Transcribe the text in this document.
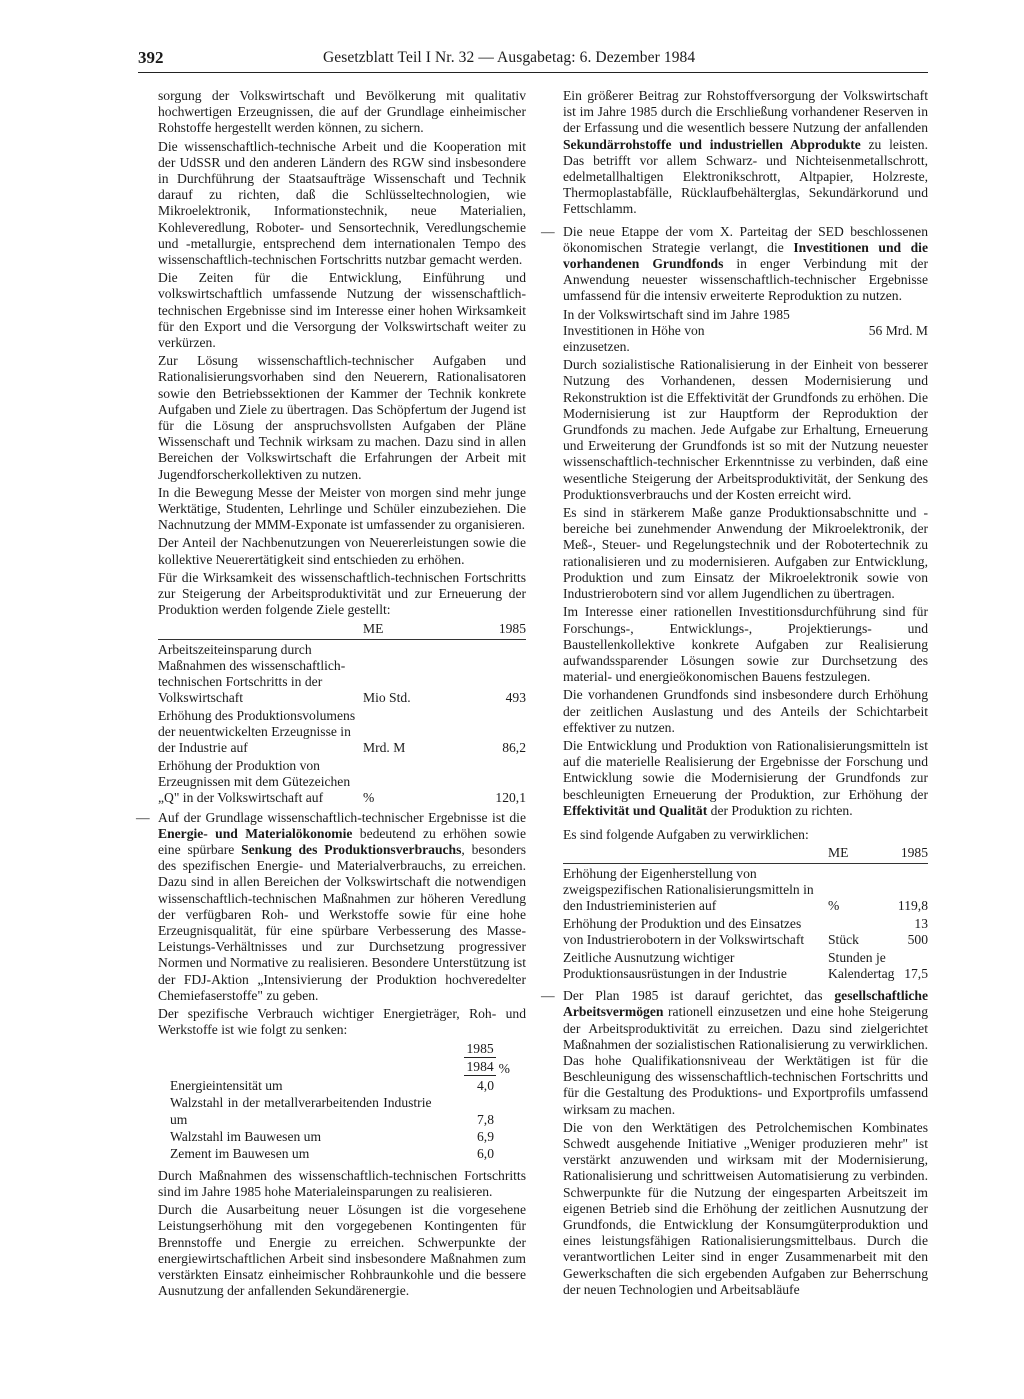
392	Gesetzblatt Teil I Nr. 32 — Ausgabetag: 6. Dezember 1984

sorgung der Volkswirtschaft und Bevölkerung mit qualitativ hochwertigen Erzeugnissen, die auf der Grundlage einheimischer Rohstoffe hergestellt werden können, zu sichern.

Die wissenschaftlich-technische Arbeit und die Kooperation mit der UdSSR und den anderen Ländern des RGW sind insbesondere in Durchführung der Staatsaufträge Wissenschaft und Technik darauf zu richten, daß die Schlüsseltechnologien, wie Mikroelektronik, Informationstechnik, neue Materialien, Kohleveredlung, Roboter- und Sensortechnik, Veredlungschemie und -metallurgie, entsprechend dem internationalen Tempo des wissenschaftlich-technischen Fortschritts nutzbar gemacht werden.

Die Zeiten für die Entwicklung, Einführung und volkswirtschaftlich umfassende Nutzung der wissenschaftlich-technischen Ergebnisse sind im Interesse einer hohen Wirksamkeit für den Export und die Versorgung der Volkswirtschaft weiter zu verkürzen.

Zur Lösung wissenschaftlich-technischer Aufgaben und Rationalisierungsvorhaben sind den Neuerern, Rationalisatoren sowie den Betriebssektionen der Kammer der Technik konkrete Aufgaben und Ziele zu übertragen. Das Schöpfertum der Jugend ist für die Lösung der anspruchsvollsten Aufgaben der Pläne Wissenschaft und Technik wirksam zu machen. Dazu sind in allen Bereichen der Volkswirtschaft die Erfahrungen der Arbeit mit Jugendforscherkollektiven zu nutzen.

In die Bewegung Messe der Meister von morgen sind mehr junge Werktätige, Studenten, Lehrlinge und Schüler einzubeziehen. Die Nachnutzung der MMM-Exponate ist umfassender zu organisieren.

Der Anteil der Nachbenutzungen von Neuererleistungen sowie die kollektive Neuerertätigkeit sind entschieden zu erhöhen.

Für die Wirksamkeit des wissenschaftlich-technischen Fortschritts zur Steigerung der Arbeitsproduktivität und zur Erneuerung der Produktion werden folgende Ziele gestellt:

	ME	1985
Arbeitszeiteinsparung durch Maßnahmen des wissenschaftlich-technischen Fortschritts in der Volkswirtschaft	Mio Std.	493
Erhöhung des Produktionsvolumens der neuentwickelten Erzeugnisse in der Industrie auf	Mrd. M	86,2
Erhöhung der Produktion von Erzeugnissen mit dem Gütezeichen „Q" in der Volkswirtschaft auf	%	120,1

— Auf der Grundlage wissenschaftlich-technischer Ergebnisse ist die Energie- und Materialökonomie bedeutend zu erhöhen sowie eine spürbare Senkung des Produktionsverbrauchs, besonders des spezifischen Energie- und Materialverbrauchs, zu erreichen. Dazu sind in allen Bereichen der Volkswirtschaft die notwendigen wissenschaftlich-technischen Maßnahmen zur höheren Veredlung der verfügbaren Roh- und Werkstoffe sowie für eine hohe Erzeugnisqualität, für eine spürbare Verbesserung des Masse-Leistungs-Verhältnisses und zur Durchsetzung progressiver Normen und Normative zu realisieren. Besondere Unterstützung ist der FDJ-Aktion „Intensivierung der Produktion hochveredelter Chemiefaserstoffe" zu geben.

Der spezifische Verbrauch wichtiger Energieträger, Roh- und Werkstoffe ist wie folgt zu senken:

	$\frac{1985}{1984}$ %
Energieintensität um	4,0
Walzstahl in der metallverarbeitenden Industrie um	7,8
Walzstahl im Bauwesen um	6,9
Zement im Bauwesen um	6,0

Durch Maßnahmen des wissenschaftlich-technischen Fortschritts sind im Jahre 1985 hohe Materialeinsparungen zu realisieren.

Durch die Ausarbeitung neuer Lösungen ist die vorgesehene Leistungserhöhung mit den vorgegebenen Kontingenten für Brennstoffe und Energie zu erreichen. Schwerpunkte der energiewirtschaftlichen Arbeit sind insbesondere Maßnahmen zum verstärkten Einsatz einheimischer Rohbraunkohle und die bessere Ausnutzung der anfallenden Sekundärenergie.

Ein größerer Beitrag zur Rohstoffversorgung der Volkswirtschaft ist im Jahre 1985 durch die Erschließung vorhandener Reserven in der Erfassung und die wesentlich bessere Nutzung der anfallenden Sekundärrohstoffe und industriellen Abprodukte zu leisten. Das betrifft vor allem Schwarz- und Nichteisenmetallschrott, edelmetallhaltigen Elektronikschrott, Altpapier, Holzreste, Thermoplastabfälle, Rücklaufbehälterglas, Sekundärkorund und Fettschlamm.

— Die neue Etappe der vom X. Parteitag der SED beschlossenen ökonomischen Strategie verlangt, die Investitionen und die vorhandenen Grundfonds in enger Verbindung mit der Anwendung neuester wissenschaftlich-technischer Ergebnisse umfassend für die intensiv erweiterte Reproduktion zu nutzen.

In der Volkswirtschaft sind im Jahre 1985
Investitionen in Höhe von	56 Mrd. M
einzusetzen.

Durch sozialistische Rationalisierung in der Einheit von besserer Nutzung des Vorhandenen, dessen Modernisierung und Rekonstruktion ist die Effektivität der Grundfonds zu erhöhen. Die Modernisierung ist zur Hauptform der Reproduktion der Grundfonds zu machen. Jede Aufgabe zur Erhaltung, Erneuerung und Erweiterung der Grundfonds ist so mit der Nutzung neuester wissenschaftlich-technischer Erkenntnisse zu verbinden, daß eine wesentliche Steigerung der Arbeitsproduktivität, der Senkung des Produktionsverbrauchs und der Kosten erreicht wird.

Es sind in stärkerem Maße ganze Produktionsabschnitte und -bereiche bei zunehmender Anwendung der Mikroelektronik, der Meß-, Steuer- und Regelungstechnik und der Robotertechnik zu rationalisieren und zu modernisieren. Aufgaben zur Entwicklung, Produktion und zum Einsatz der Mikroelektronik sowie von Industrierobotern sind vor allem Jugendlichen zu übertragen.

Im Interesse einer rationellen Investitionsdurchführung sind für Forschungs-, Entwicklungs-, Projektierungs- und Baustellenkollektive konkrete Aufgaben zur Realisierung aufwandssparender Lösungen sowie zur Durchsetzung des material- und energieökonomischen Bauens festzulegen.

Die vorhandenen Grundfonds sind insbesondere durch Erhöhung der zeitlichen Auslastung und des Anteils der Schichtarbeit effektiver zu nutzen.

Die Entwicklung und Produktion von Rationalisierungsmitteln ist auf die materielle Realisierung der Ergebnisse der Forschung und Entwicklung sowie die Modernisierung der Grundfonds zur beschleunigten Erneuerung der Produktion, zur Erhöhung der Effektivität und Qualität der Produktion zu richten.

Es sind folgende Aufgaben zu verwirklichen:

	ME	1985
Erhöhung der Eigenherstellung von zweigspezifischen Rationalisierungsmitteln in den Industrieministerien auf	%	119,8
Erhöhung der Produktion und des Einsatzes von Industrierobotern in der Volkswirtschaft	Stück	13 500
Zeitliche Ausnutzung wichtiger Produktionsausrüstungen in der Industrie	Stunden je Kalendertag	17,5

— Der Plan 1985 ist darauf gerichtet, das gesellschaftliche Arbeitsvermögen rationell einzusetzen und eine hohe Steigerung der Arbeitsproduktivität zu erreichen. Dazu sind zielgerichtet Maßnahmen der sozialistischen Rationalisierung zu verwirklichen. Das hohe Qualifikationsniveau der Werktätigen ist für die Beschleunigung des wissenschaftlich-technischen Fortschritts und für die Gestaltung des Produktions- und Exportprofils umfassend wirksam zu machen.

Die von den Werktätigen des Petrolchemischen Kombinates Schwedt ausgehende Initiative „Weniger produzieren mehr" ist verstärkt anzuwenden und wirksam mit der Modernisierung, Rationalisierung und schrittweisen Automatisierung zu verbinden. Schwerpunkte für die Nutzung der eingesparten Arbeitszeit im eigenen Betrieb sind die Erhöhung der zeitlichen Ausnutzung der Grundfonds, die Entwicklung der Konsumgüterproduktion und eines leistungsfähigen Rationalisierungsmittelbaus. Durch die verantwortlichen Leiter sind in enger Zusammenarbeit mit den Gewerkschaften die sich ergebenden Aufgaben zur Beherrschung der neuen Technologien und Arbeitsabläufe
